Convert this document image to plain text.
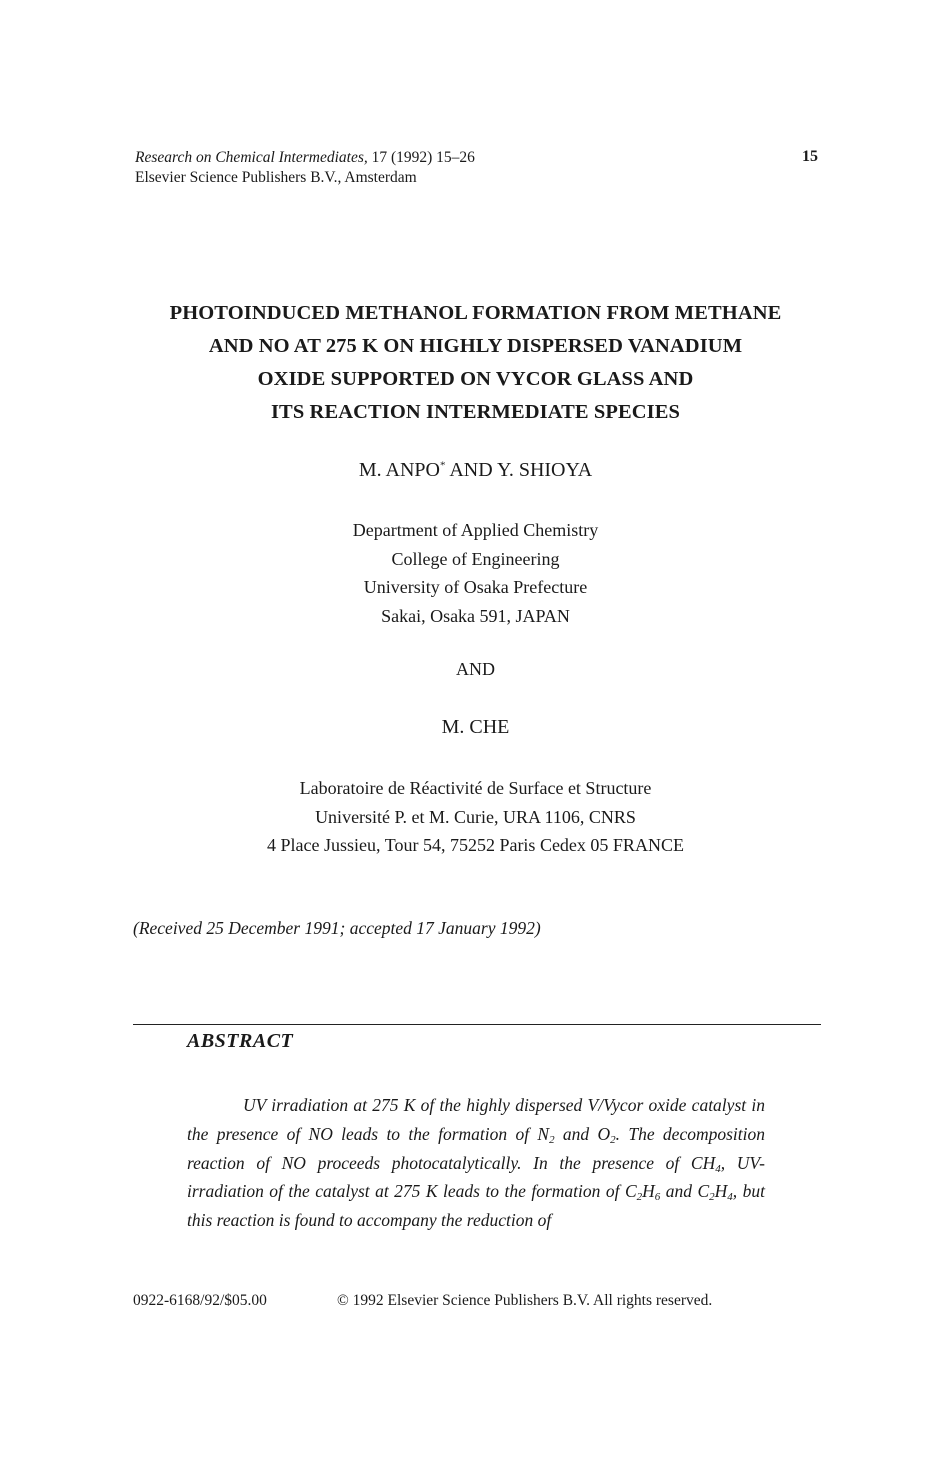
Research on Chemical Intermediates, 17 (1992) 15–26
Elsevier Science Publishers B.V., Amsterdam
15
PHOTOINDUCED METHANOL FORMATION FROM METHANE
AND NO AT 275 K ON HIGHLY DISPERSED VANADIUM
OXIDE SUPPORTED ON VYCOR GLASS AND
ITS REACTION INTERMEDIATE SPECIES
M. ANPO* AND Y. SHIOYA
Department of Applied Chemistry
College of Engineering
University of Osaka Prefecture
Sakai, Osaka 591, JAPAN
AND
M. CHE
Laboratoire de Réactivité de Surface et Structure
Université P. et M. Curie, URA 1106, CNRS
4 Place Jussieu, Tour 54, 75252 Paris Cedex 05 FRANCE
(Received 25 December 1991; accepted 17 January 1992)
ABSTRACT
UV irradiation at 275 K of the highly dispersed V/Vycor oxide catalyst in the presence of NO leads to the formation of $N_2$ and $O_2$. The decomposition reaction of NO proceeds photocatalytically. In the presence of $CH_4$, UV-irradiation of the catalyst at 275 K leads to the formation of $C_2H_6$ and $C_2H_4$, but this reaction is found to accompany the reduction of
0922-6168/92/$05.00	© 1992 Elsevier Science Publishers B.V. All rights reserved.
